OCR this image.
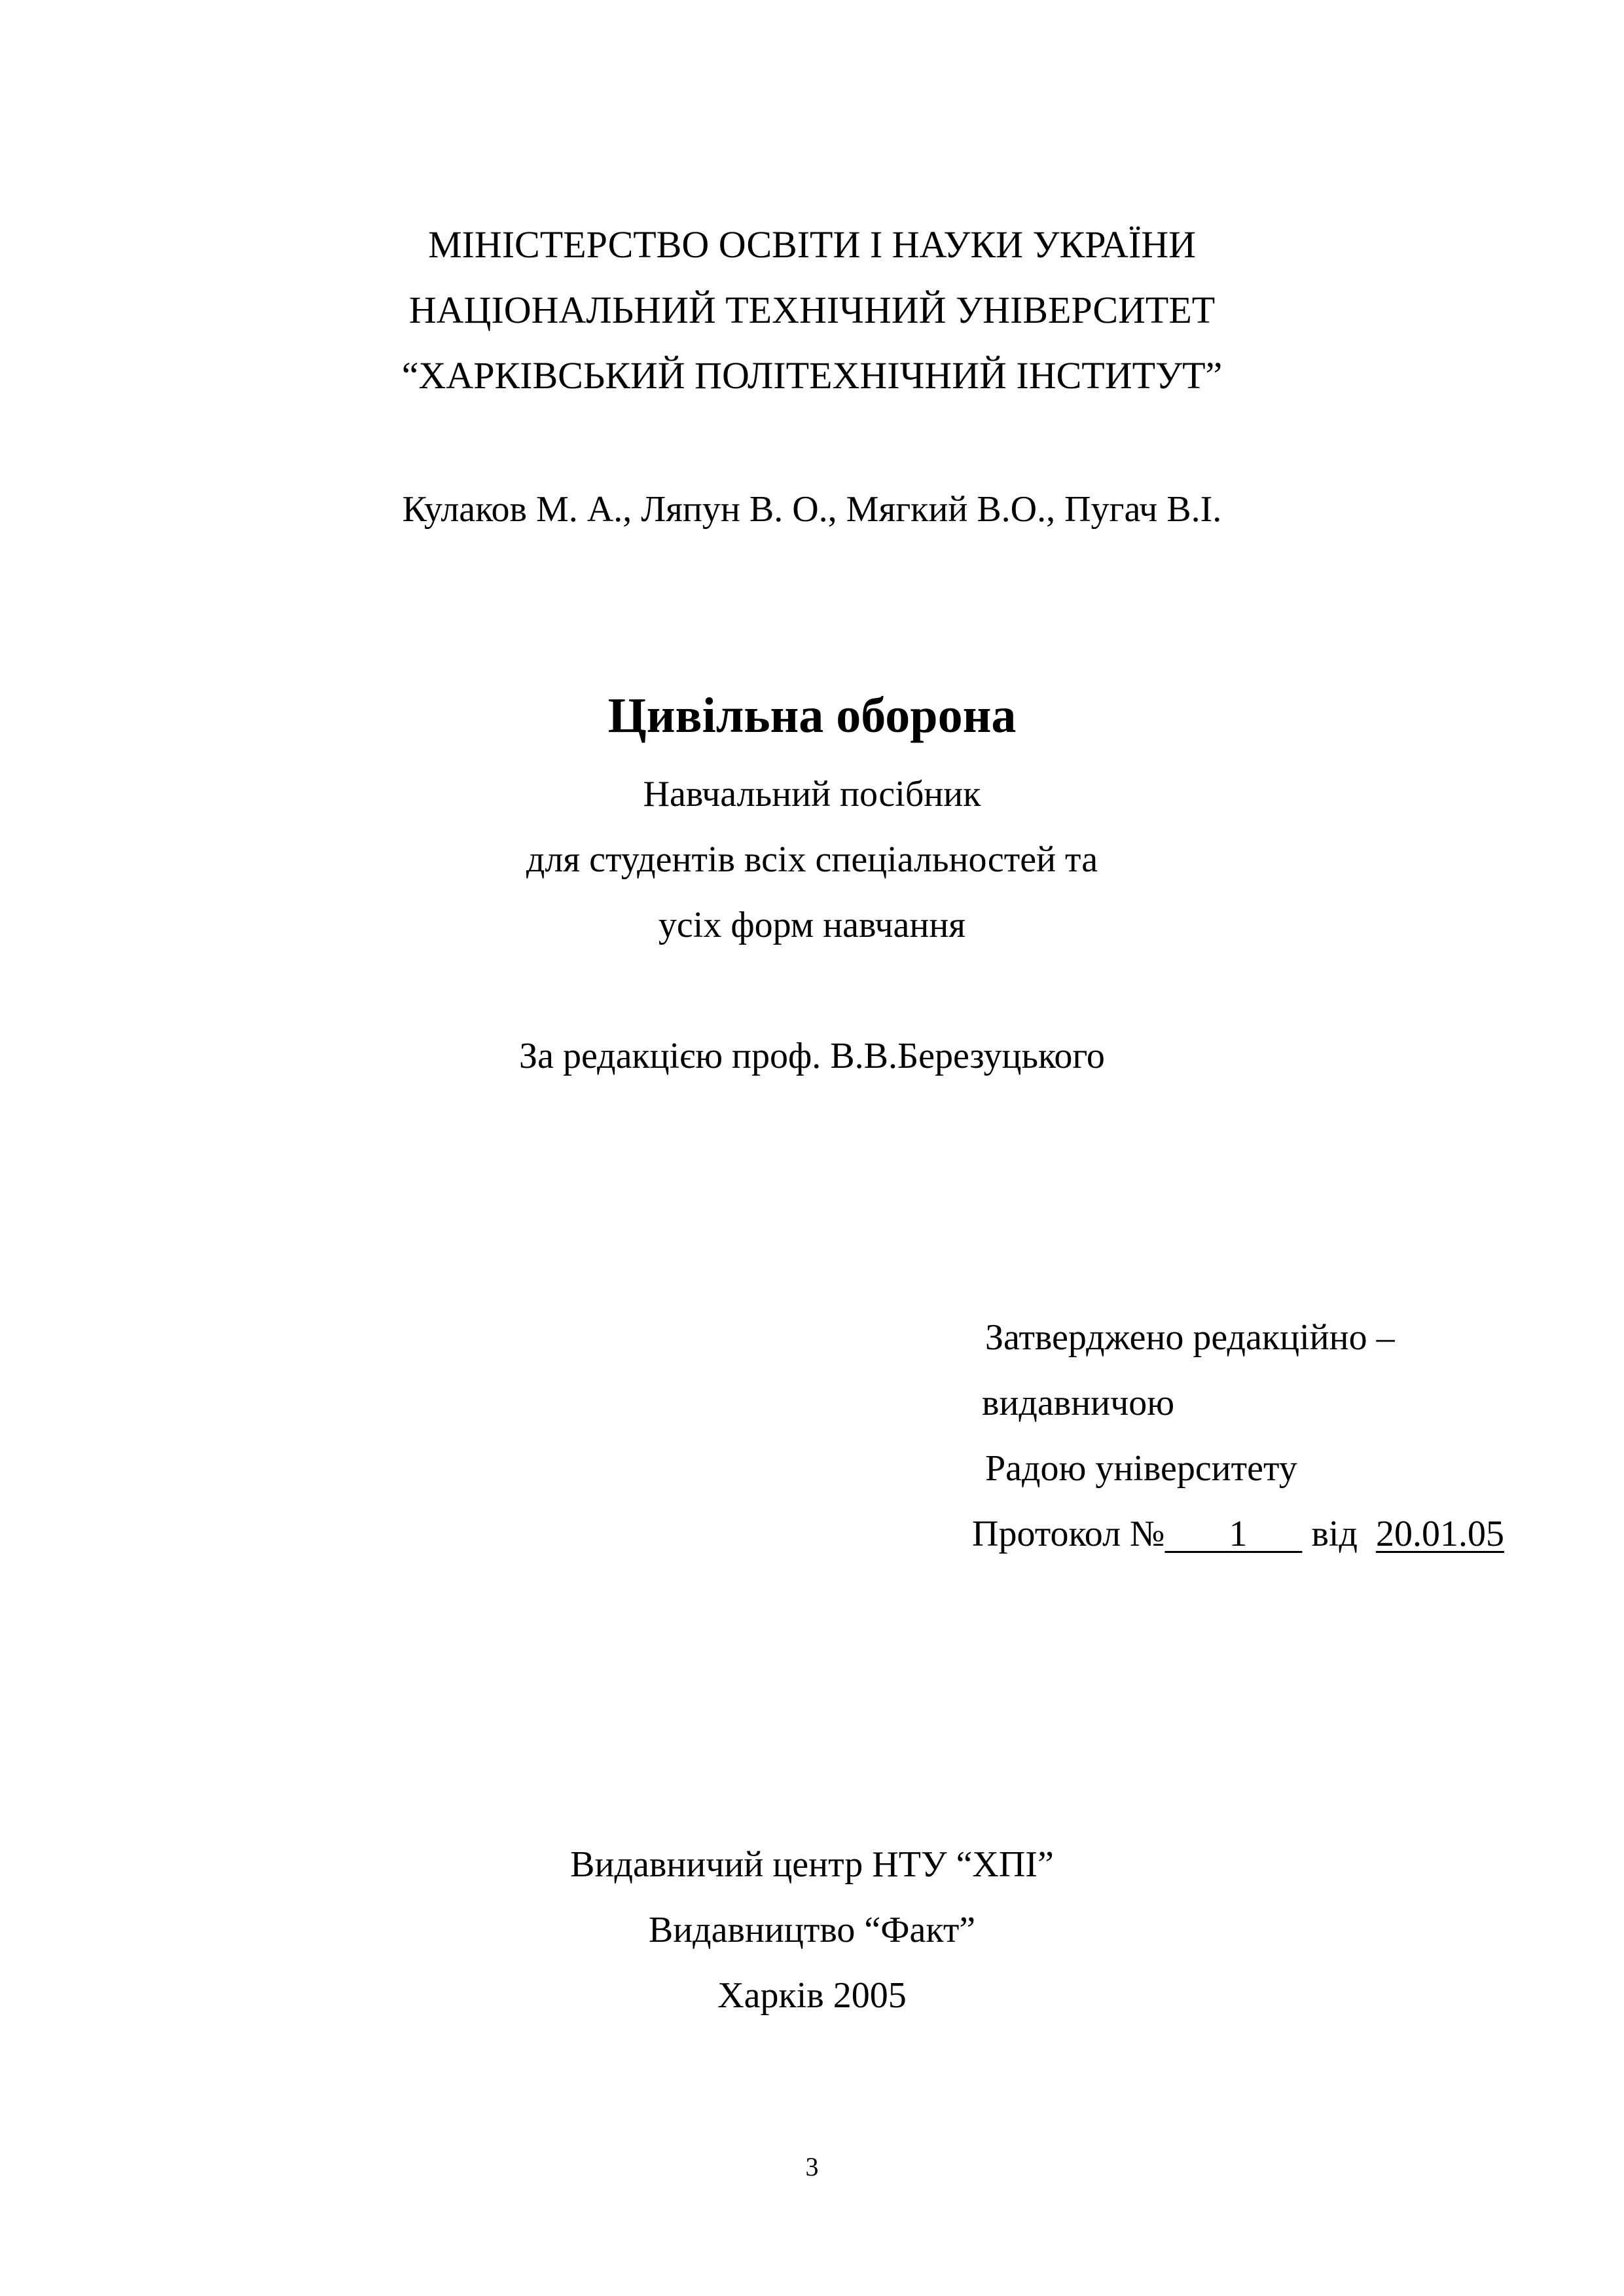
МІНІСТЕРСТВО ОСВІТИ І НАУКИ УКРАЇНИ
НАЦІОНАЛЬНИЙ ТЕХНІЧНИЙ УНІВЕРСИТЕТ
“ХАРКІВСЬКИЙ ПОЛІТЕХНІЧНИЙ ІНСТИТУТ”
Кулаков М. А., Ляпун В. О., Мягкий В.О., Пугач В.І.
Цивільна оборона
Навчальний посібник
для студентів всіх спеціальностей та
усіх форм навчання
За редакцією проф. В.В.Березуцького
Затверджено редакційно –
видавничою
Радою університету
Протокол № 1 від 20.01.05
Видавничий центр НТУ “ХПІ”
Видавництво “Факт”
Харків 2005
3
